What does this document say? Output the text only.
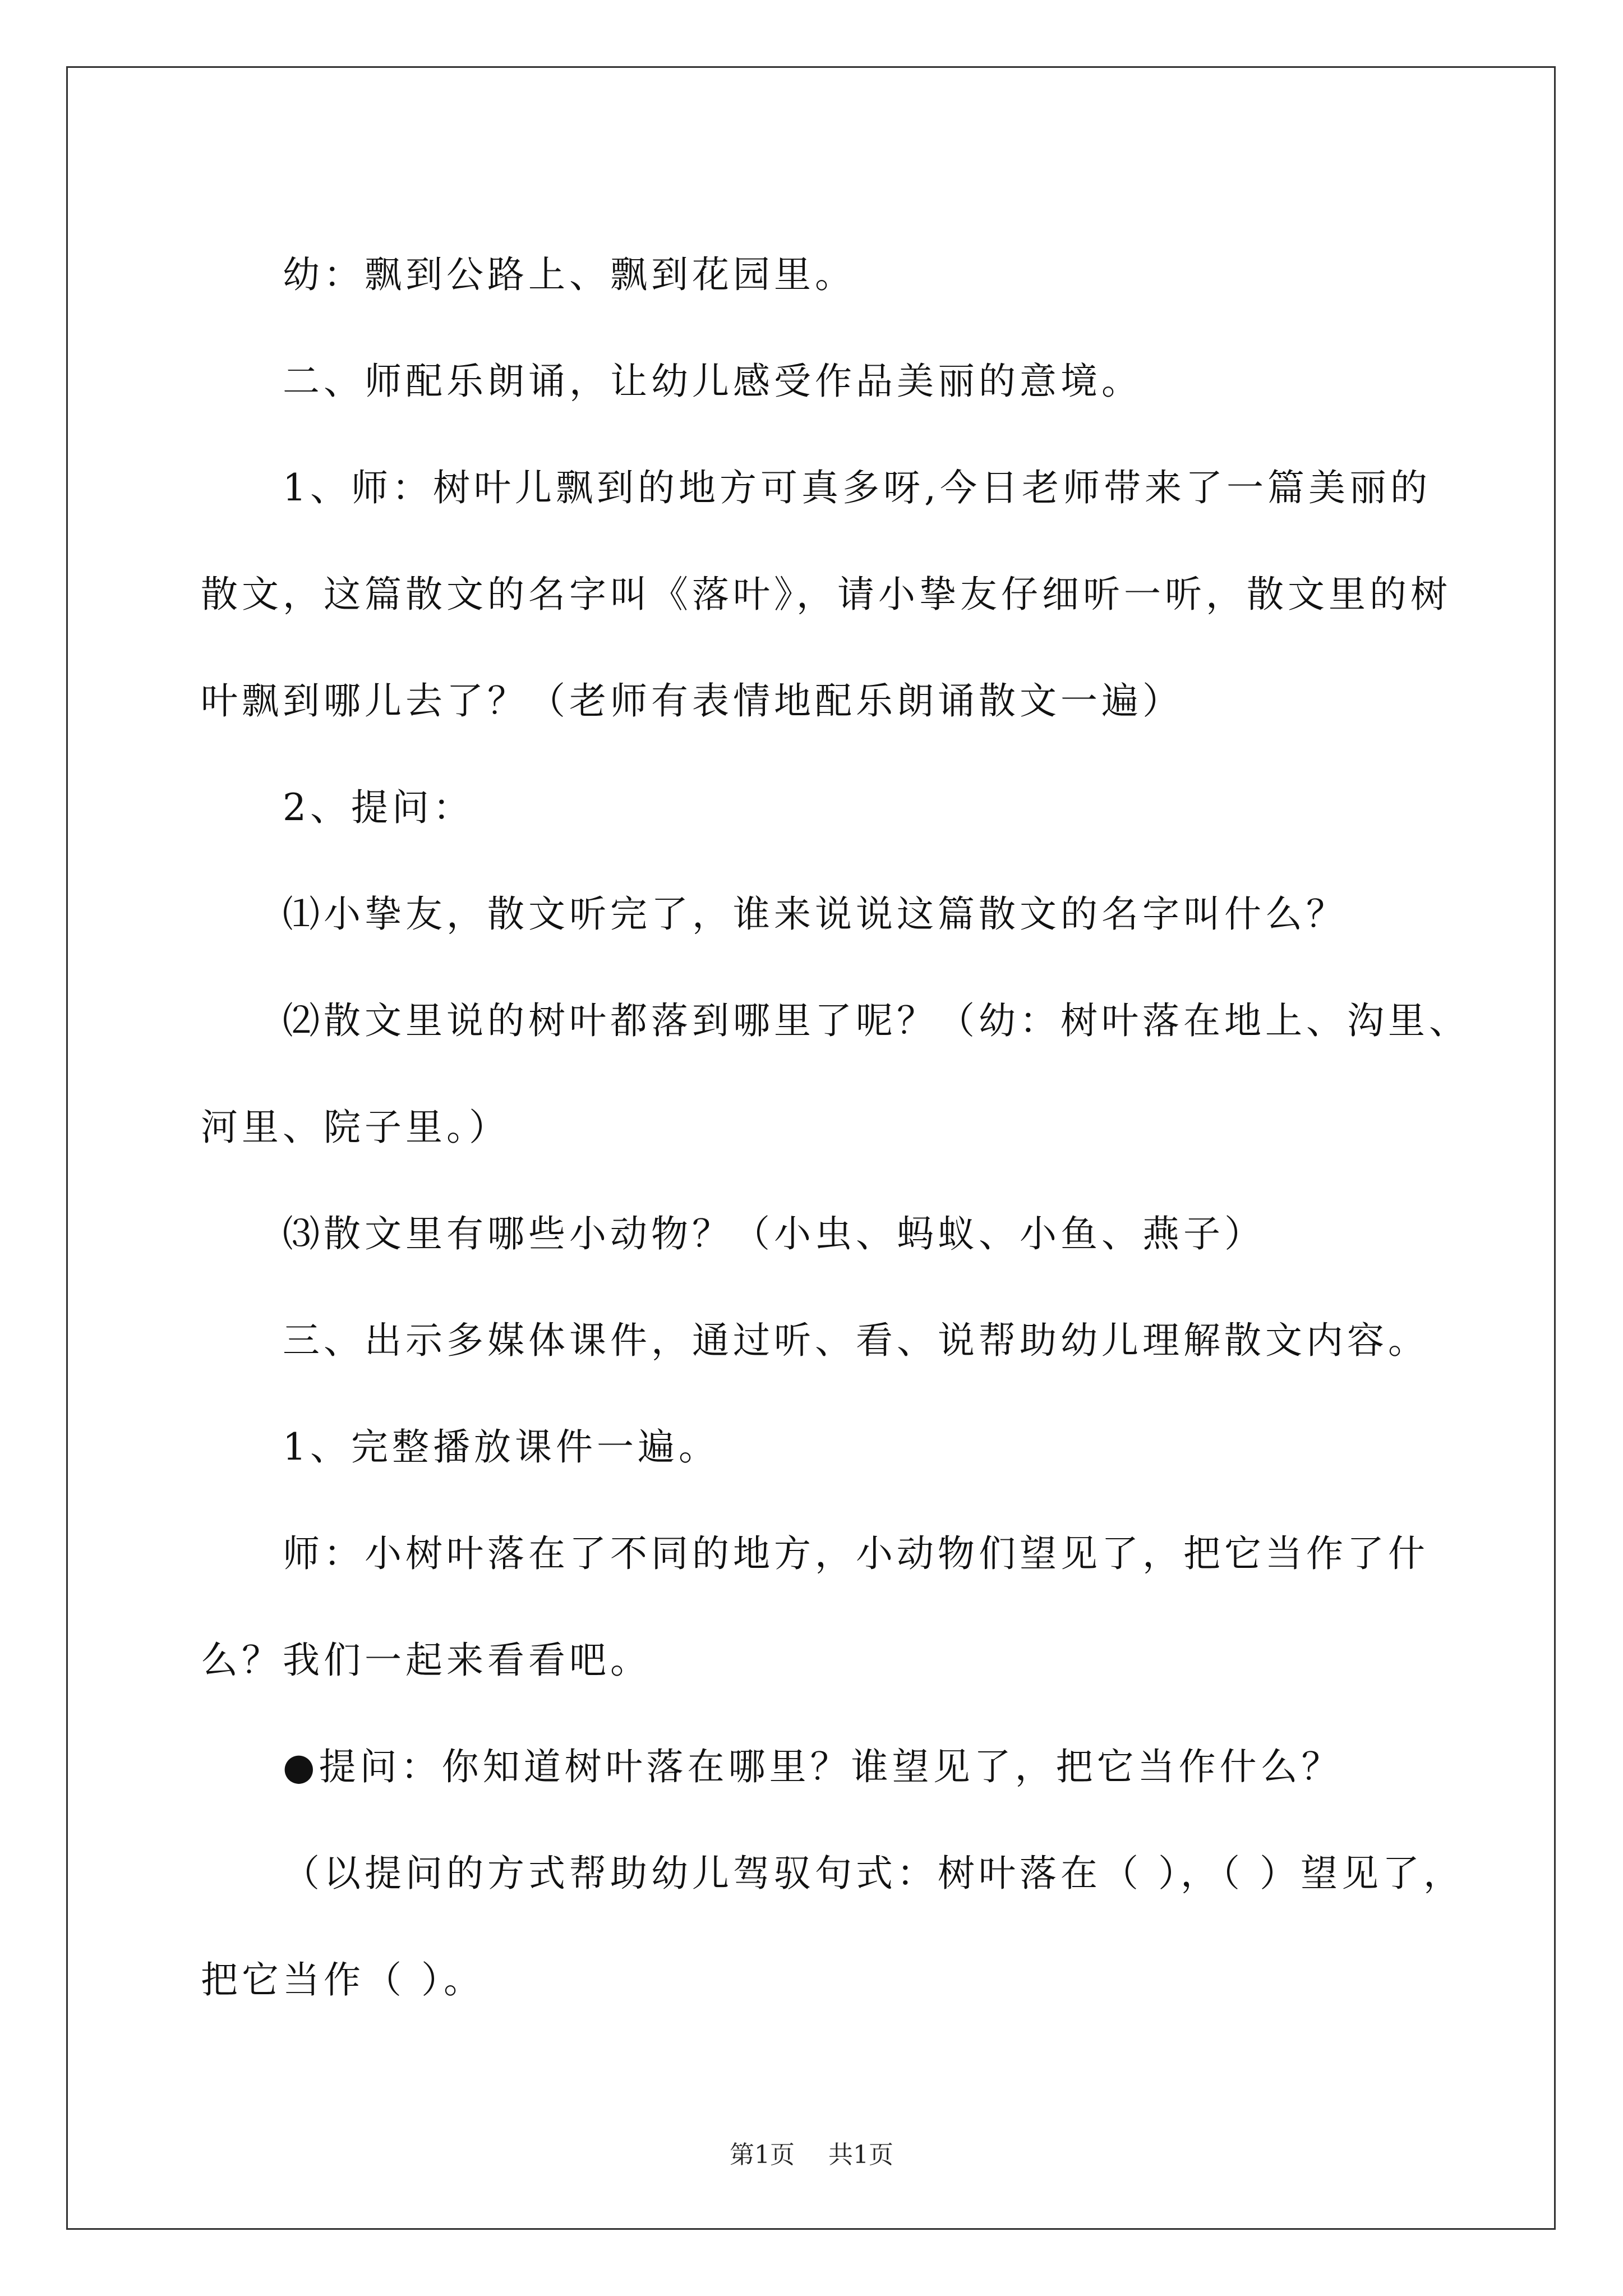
幼：飘到公路上、飘到花园里。

二、师配乐朗诵，让幼儿感受作品美丽的意境。

1、师：树叶儿飘到的地方可真多呀,今日老师带来了一篇美丽的

散文，这篇散文的名字叫《落叶》，请小挚友仔细听一听，散文里的树

叶飘到哪儿去了？（老师有表情地配乐朗诵散文一遍）

2、提问：

⑴小挚友，散文听完了，谁来说说这篇散文的名字叫什么？

⑵散文里说的树叶都落到哪里了呢？（幼：树叶落在地上、沟里、

河里、院子里。）

⑶散文里有哪些小动物？（小虫、蚂蚁、小鱼、燕子）

三、出示多媒体课件，通过听、看、说帮助幼儿理解散文内容。

1、完整播放课件一遍。

师：小树叶落在了不同的地方，小动物们望见了，把它当作了什

么？我们一起来看看吧。

●提问：你知道树叶落在哪里？谁望见了，把它当作什么？

（以提问的方式帮助幼儿驾驭句式：树叶落在（ ），（ ）望见了，

把它当作（ ）。

第1页 共1页
